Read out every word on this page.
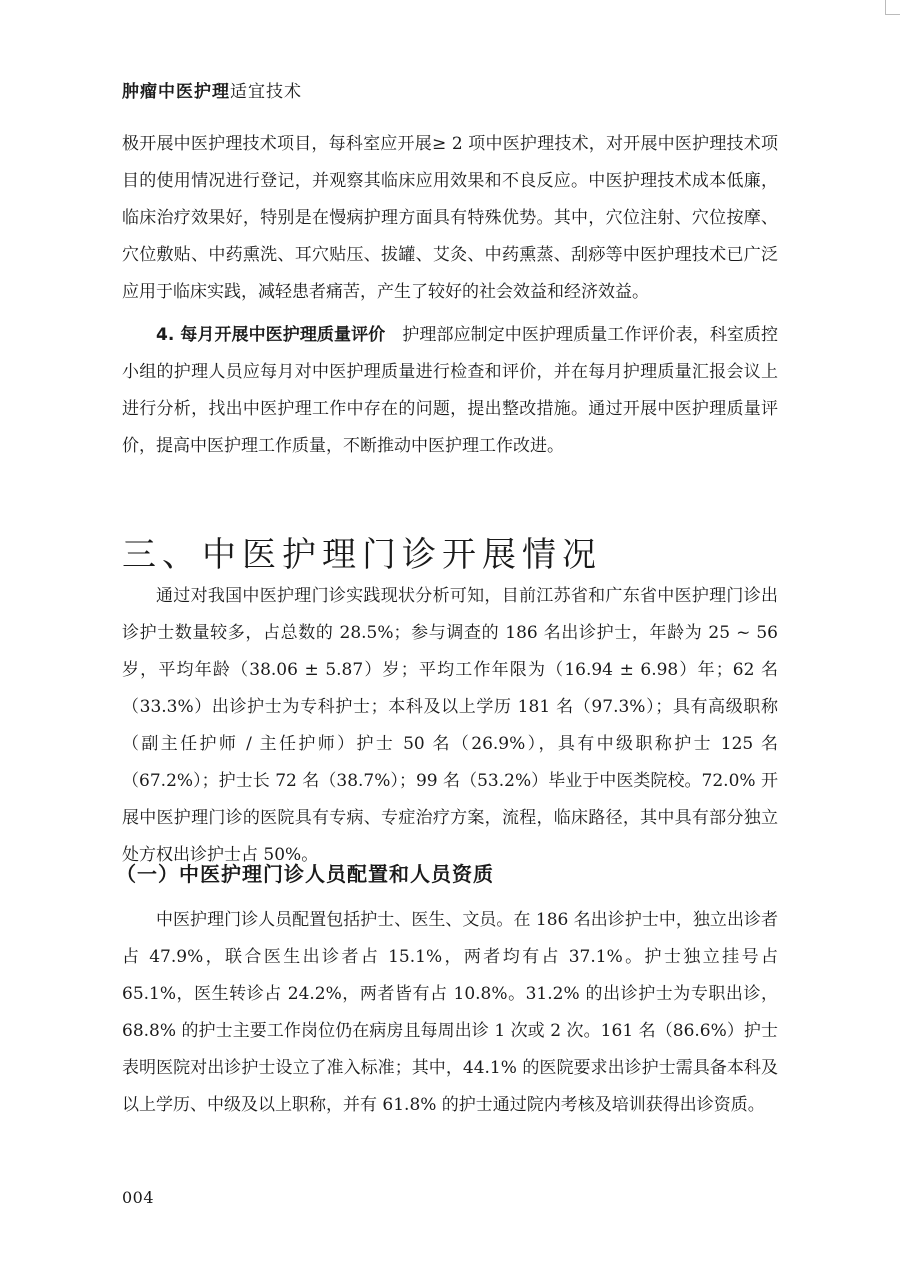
肿瘤中医护理适宜技术

极开展中医护理技术项目，每科室应开展≥ 2 项中医护理技术，对开展中医护理技术项目的使用情况进行登记，并观察其临床应用效果和不良反应。中医护理技术成本低廉，临床治疗效果好，特别是在慢病护理方面具有特殊优势。其中，穴位注射、穴位按摩、穴位敷贴、中药熏洗、耳穴贴压、拔罐、艾灸、中药熏蒸、刮痧等中医护理技术已广泛应用于临床实践，减轻患者痛苦，产生了较好的社会效益和经济效益。

4. 每月开展中医护理质量评价  护理部应制定中医护理质量工作评价表，科室质控小组的护理人员应每月对中医护理质量进行检查和评价，并在每月护理质量汇报会议上进行分析，找出中医护理工作中存在的问题，提出整改措施。通过开展中医护理质量评价，提高中医护理工作质量，不断推动中医护理工作改进。

三、中医护理门诊开展情况

通过对我国中医护理门诊实践现状分析可知，目前江苏省和广东省中医护理门诊出诊护士数量较多，占总数的 28.5%；参与调查的 186 名出诊护士，年龄为 25 ~ 56 岁，平均年龄（38.06 ± 5.87）岁；平均工作年限为（16.94 ± 6.98）年；62 名（33.3%）出诊护士为专科护士；本科及以上学历 181 名（97.3%）；具有高级职称（副主任护师 / 主任护师）护士 50 名（26.9%），具有中级职称护士 125 名（67.2%）；护士长 72 名（38.7%）；99 名（53.2%）毕业于中医类院校。72.0% 开展中医护理门诊的医院具有专病、专症治疗方案，流程，临床路径，其中具有部分独立处方权出诊护士占 50%。

（一）中医护理门诊人员配置和人员资质

中医护理门诊人员配置包括护士、医生、文员。在 186 名出诊护士中，独立出诊者占 47.9%，联合医生出诊者占 15.1%，两者均有占 37.1%。护士独立挂号占 65.1%，医生转诊占 24.2%，两者皆有占 10.8%。31.2% 的出诊护士为专职出诊，68.8% 的护士主要工作岗位仍在病房且每周出诊 1 次或 2 次。161 名（86.6%）护士表明医院对出诊护士设立了准入标准；其中，44.1% 的医院要求出诊护士需具备本科及以上学历、中级及以上职称，并有 61.8% 的护士通过院内考核及培训获得出诊资质。

004
